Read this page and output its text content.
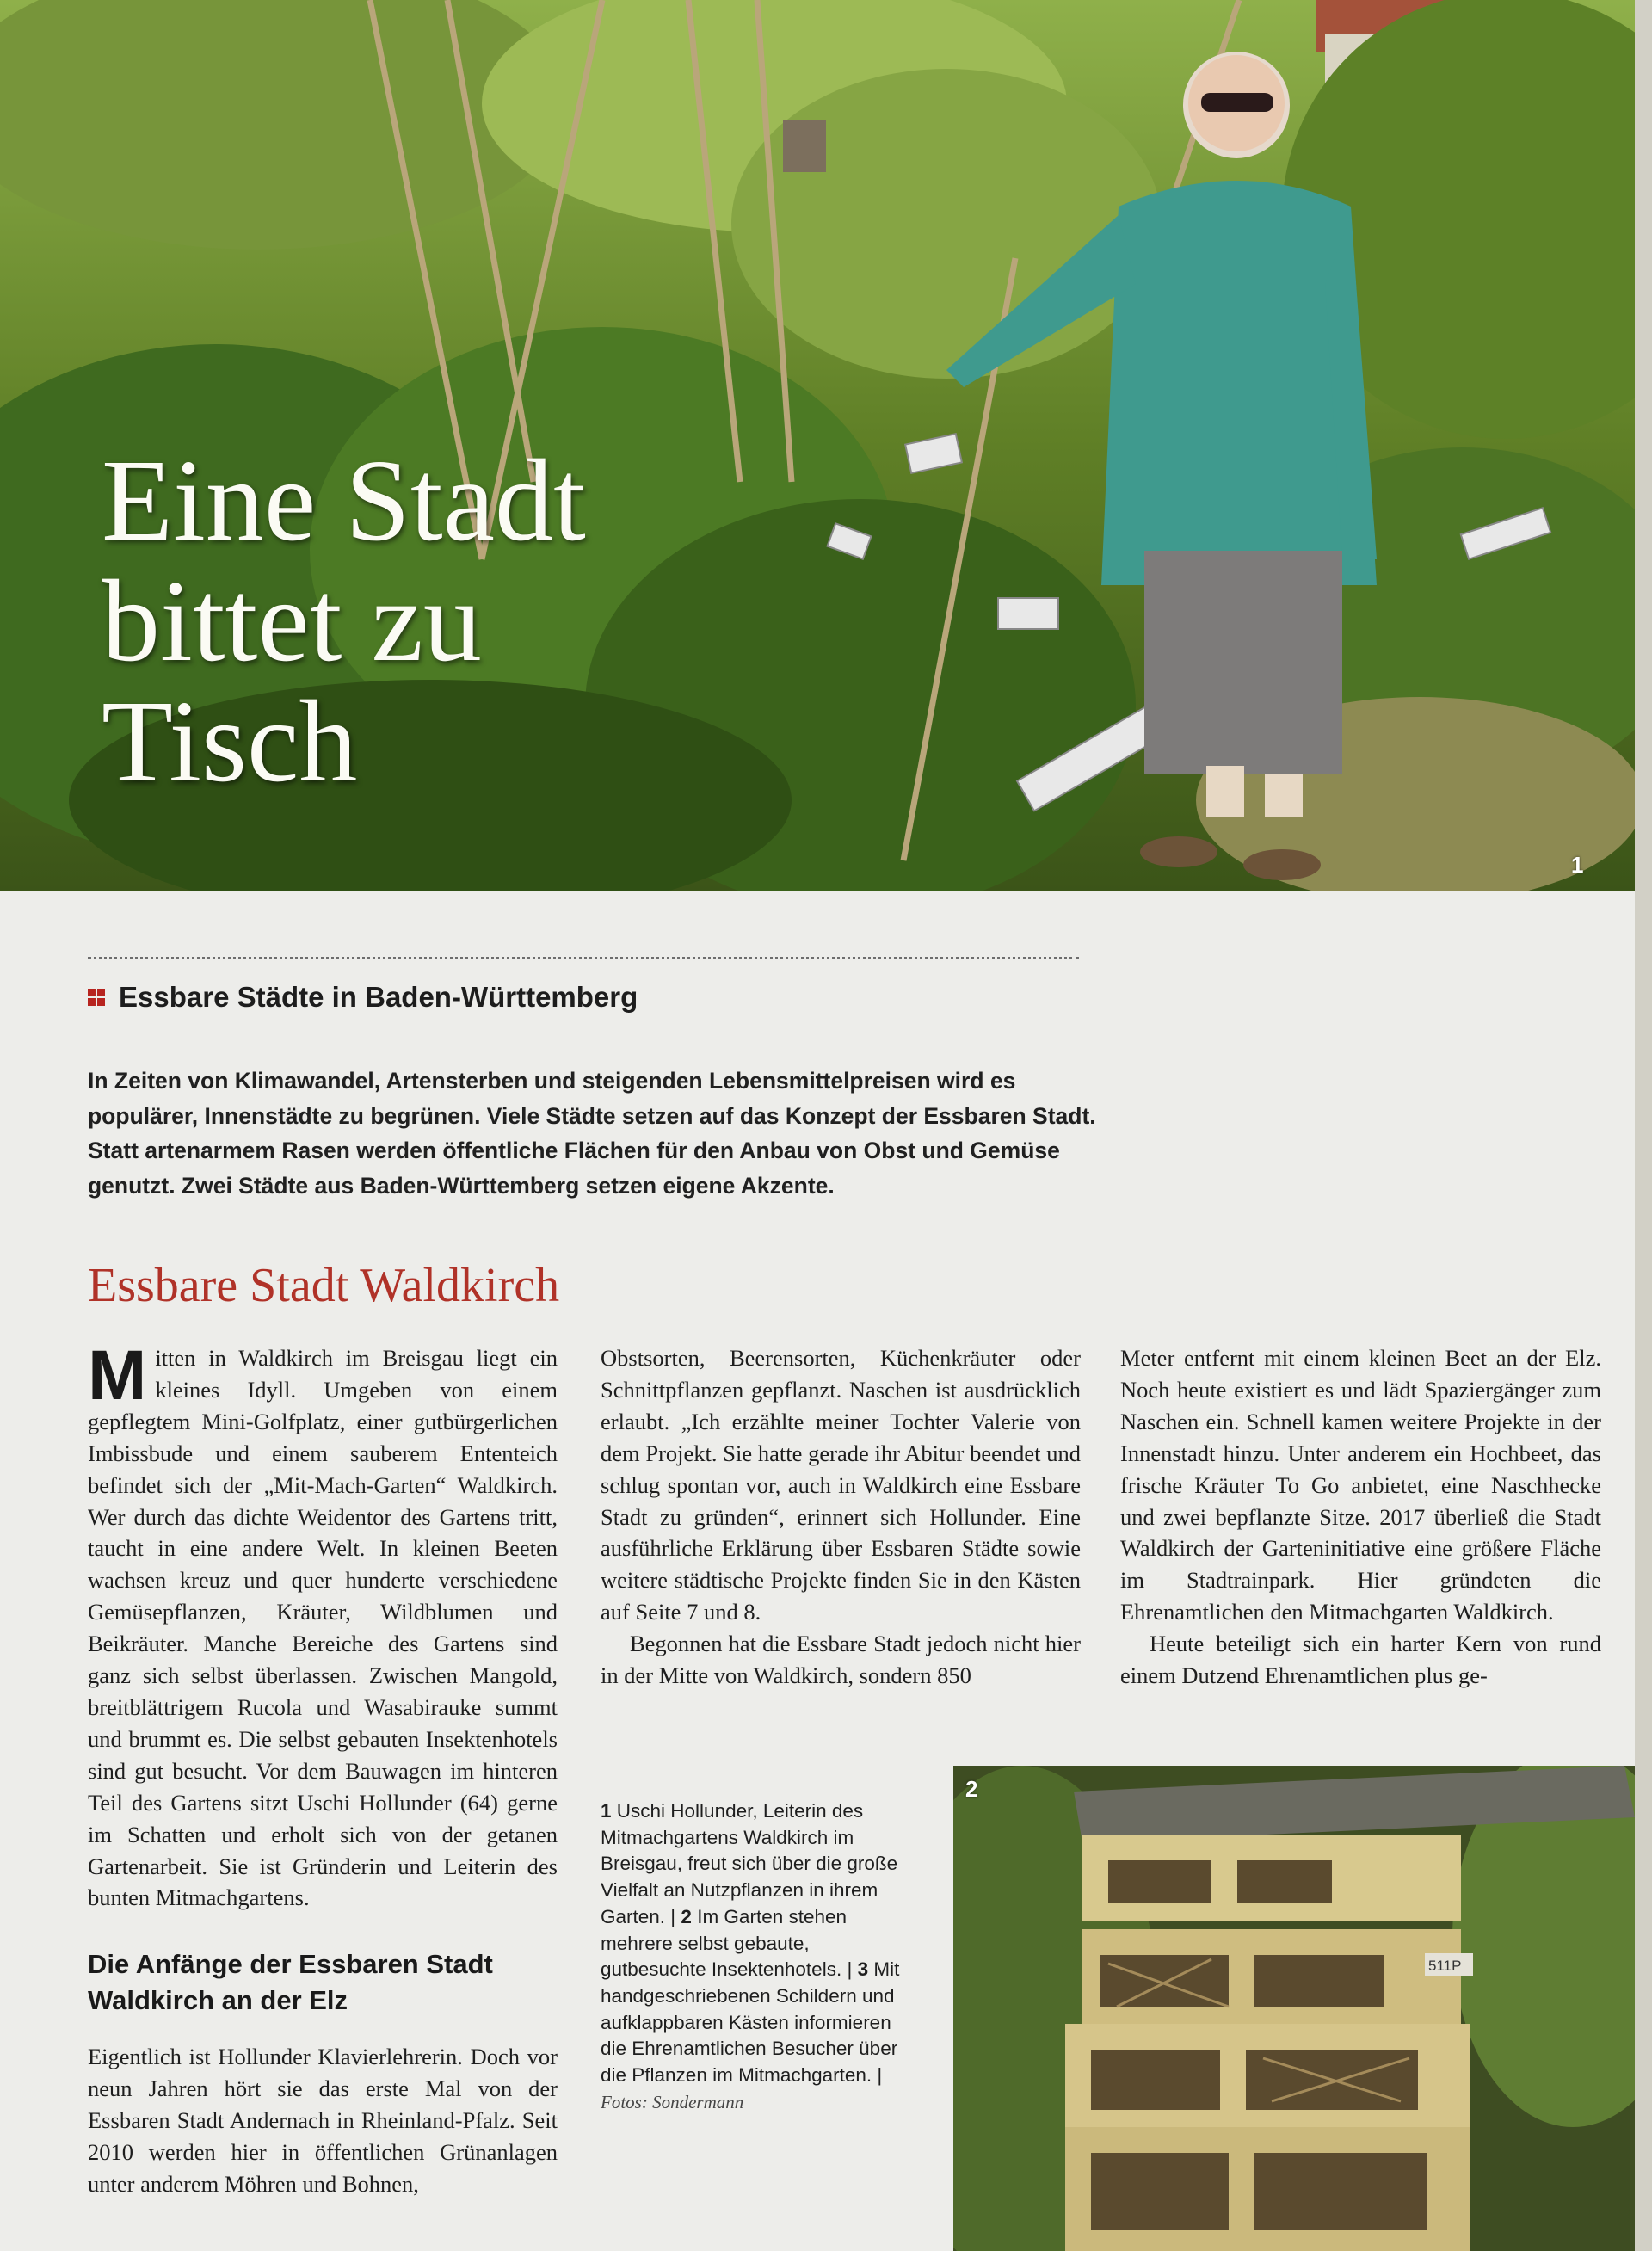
Eine Stadt
bittet zu
Tisch
1
Essbare Städte in Baden-Württemberg

In Zeiten von Klimawandel, Artensterben und steigenden Lebensmittelpreisen wird es populärer, Innenstädte zu begrünen. Viele Städte setzen auf das Konzept der Essbaren Stadt. Statt artenarmem Rasen werden öffentliche Flächen für den Anbau von Obst und Gemüse genutzt. Zwei Städte aus Baden-Württemberg setzen eigene Akzente.

Essbare Stadt Waldkirch

M itten in Waldkirch im Breisgau liegt ein kleines Idyll. Umgeben von einem gepflegtem Mini-Golfplatz, einer gutbürgerlichen Imbissbude und einem sauberem Ententeich befindet sich der „Mit-Mach-Garten“ Waldkirch. Wer durch das dichte Weidentor des Gartens tritt, taucht in eine andere Welt. In kleinen Beeten wachsen kreuz und quer hunderte verschiedene Gemüsepflanzen, Kräuter, Wildblumen und Beikräuter. Manche Bereiche des Gartens sind ganz sich selbst überlassen. Zwischen Mangold, breitblättrigem Rucola und Wasabirauke summt und brummt es. Die selbst gebauten Insektenhotels sind gut besucht. Vor dem Bauwagen im hinteren Teil des Gartens sitzt Uschi Hollunder (64) gerne im Schatten und erholt sich von der getanen Gartenarbeit. Sie ist Gründerin und Leiterin des bunten Mitmachgartens.

Die Anfänge der Essbaren Stadt Waldkirch an der Elz

Eigentlich ist Hollunder Klavierlehrerin. Doch vor neun Jahren hört sie das erste Mal von der Essbaren Stadt Andernach in Rheinland-Pfalz. Seit 2010 werden hier in öffentlichen Grünanlagen unter anderem Möhren und Bohnen,

Obstsorten, Beerensorten, Küchenkräuter oder Schnittpflanzen gepflanzt. Naschen ist ausdrücklich erlaubt. „Ich erzählte meiner Tochter Valerie von dem Projekt. Sie hatte gerade ihr Abitur beendet und schlug spontan vor, auch in Waldkirch eine Essbare Stadt zu gründen“, erinnert sich Hollunder. Eine ausführliche Erklärung über Essbaren Städte sowie weitere städtische Projekte finden Sie in den Kästen auf Seite 7 und 8.

Begonnen hat die Essbare Stadt jedoch nicht hier in der Mitte von Waldkirch, sondern 850

Meter entfernt mit einem kleinen Beet an der Elz. Noch heute existiert es und lädt Spaziergänger zum Naschen ein. Schnell kamen weitere Projekte in der Innenstadt hinzu. Unter anderem ein Hochbeet, das frische Kräuter To Go anbietet, eine Naschhecke und zwei bepflanzte Sitze. 2017 überließ die Stadt Waldkirch der Garteninitiative eine größere Fläche im Stadtrainpark. Hier gründeten die Ehrenamtlichen den Mitmachgarten Waldkirch.

Heute beteiligt sich ein harter Kern von rund einem Dutzend Ehrenamtlichen plus ge-

1 Uschi Hollunder, Leiterin des Mitmachgartens Waldkirch im Breisgau, freut sich über die große Vielfalt an Nutzpflanzen in ihrem Garten. | 2 Im Garten stehen mehrere selbst gebaute, gutbesuchte Insektenhotels. | 3 Mit handgeschriebenen Schildern und aufklappbaren Kästen informieren die Ehrenamtlichen Besucher über die Pflanzen im Mitmachgarten. | Fotos: Sondermann

511P
2
